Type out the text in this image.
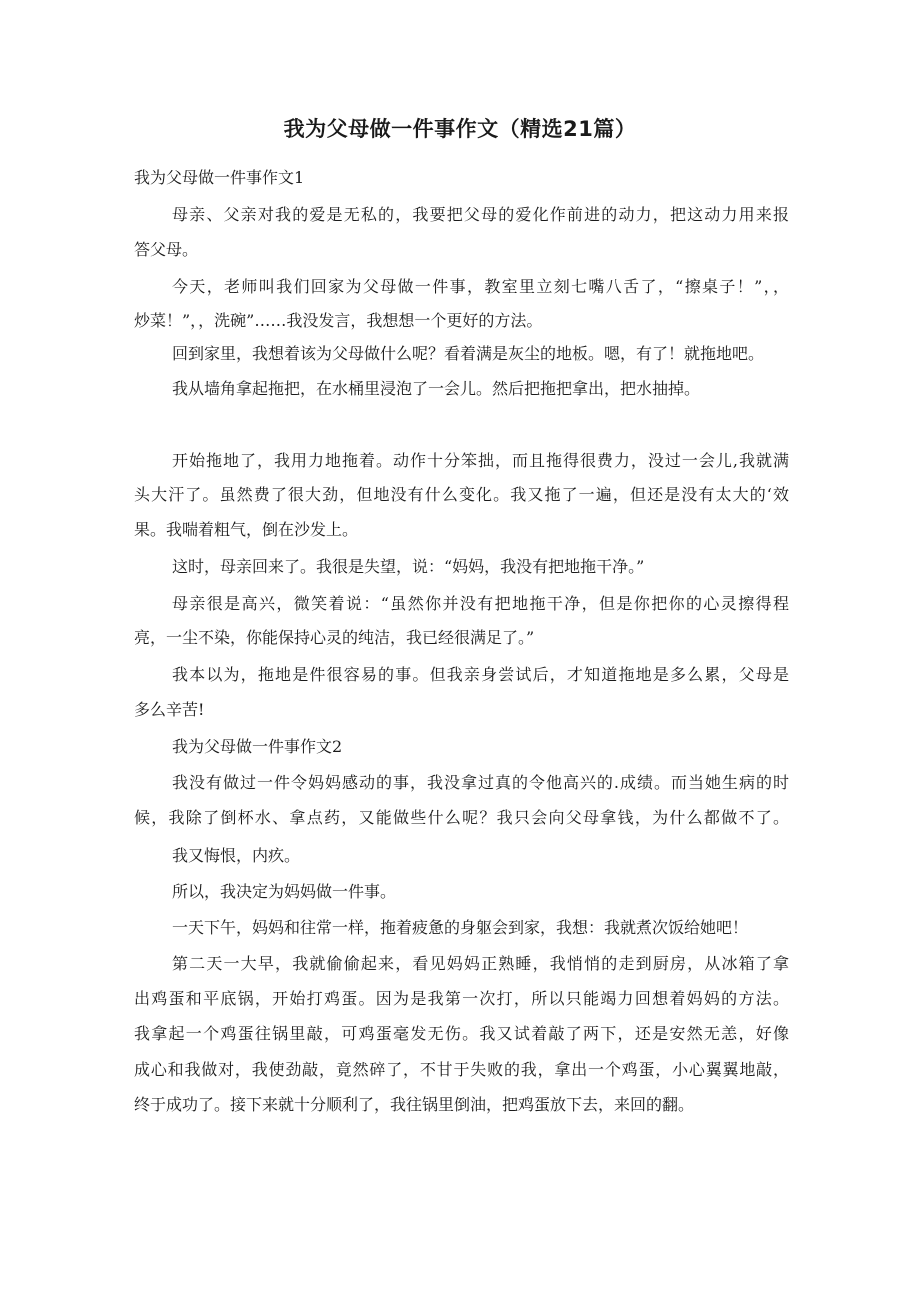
我为父母做一件事作文（精选21篇）
我为父母做一件事作文1
母亲、父亲对我的爱是无私的，我要把父母的爱化作前进的动力，把这动力用来报
答父母。
今天，老师叫我们回家为父母做一件事，教室里立刻七嘴八舌了，“擦桌子！”，，
炒菜！”，，洗碗”……我没发言，我想想一个更好的方法。
回到家里，我想着该为父母做什么呢？看着满是灰尘的地板。嗯，有了！就拖地吧。
我从墙角拿起拖把，在水桶里浸泡了一会儿。然后把拖把拿出，把水抽掉。
开始拖地了，我用力地拖着。动作十分笨拙，而且拖得很费力，没过一会儿,我就满
头大汗了。虽然费了很大劲，但地没有什么变化。我又拖了一遍，但还是没有太大的‘效
果。我喘着粗气，倒在沙发上。
这时，母亲回来了。我很是失望，说：“妈妈，我没有把地拖干净。”
母亲很是高兴，微笑着说：“虽然你并没有把地拖干净，但是你把你的心灵擦得程
亮，一尘不染，你能保持心灵的纯洁，我已经很满足了。”
我本以为，拖地是件很容易的事。但我亲身尝试后，才知道拖地是多么累，父母是
多么辛苦!
我为父母做一件事作文2
我没有做过一件令妈妈感动的事，我没拿过真的令他高兴的.成绩。而当她生病的时
候，我除了倒杯水、拿点药，又能做些什么呢？我只会向父母拿钱，为什么都做不了。
我又悔恨，内疚。
所以，我决定为妈妈做一件事。
一天下午，妈妈和往常一样，拖着疲惫的身躯会到家，我想：我就煮次饭给她吧！
第二天一大早，我就偷偷起来，看见妈妈正熟睡，我悄悄的走到厨房，从冰箱了拿
出鸡蛋和平底锅，开始打鸡蛋。因为是我第一次打，所以只能竭力回想着妈妈的方法。
我拿起一个鸡蛋往锅里敲，可鸡蛋毫发无伤。我又试着敲了两下，还是安然无恙，好像
成心和我做对，我使劲敲，竟然碎了，不甘于失败的我，拿出一个鸡蛋，小心翼翼地敲，
终于成功了。接下来就十分顺利了，我往锅里倒油，把鸡蛋放下去，来回的翻。
